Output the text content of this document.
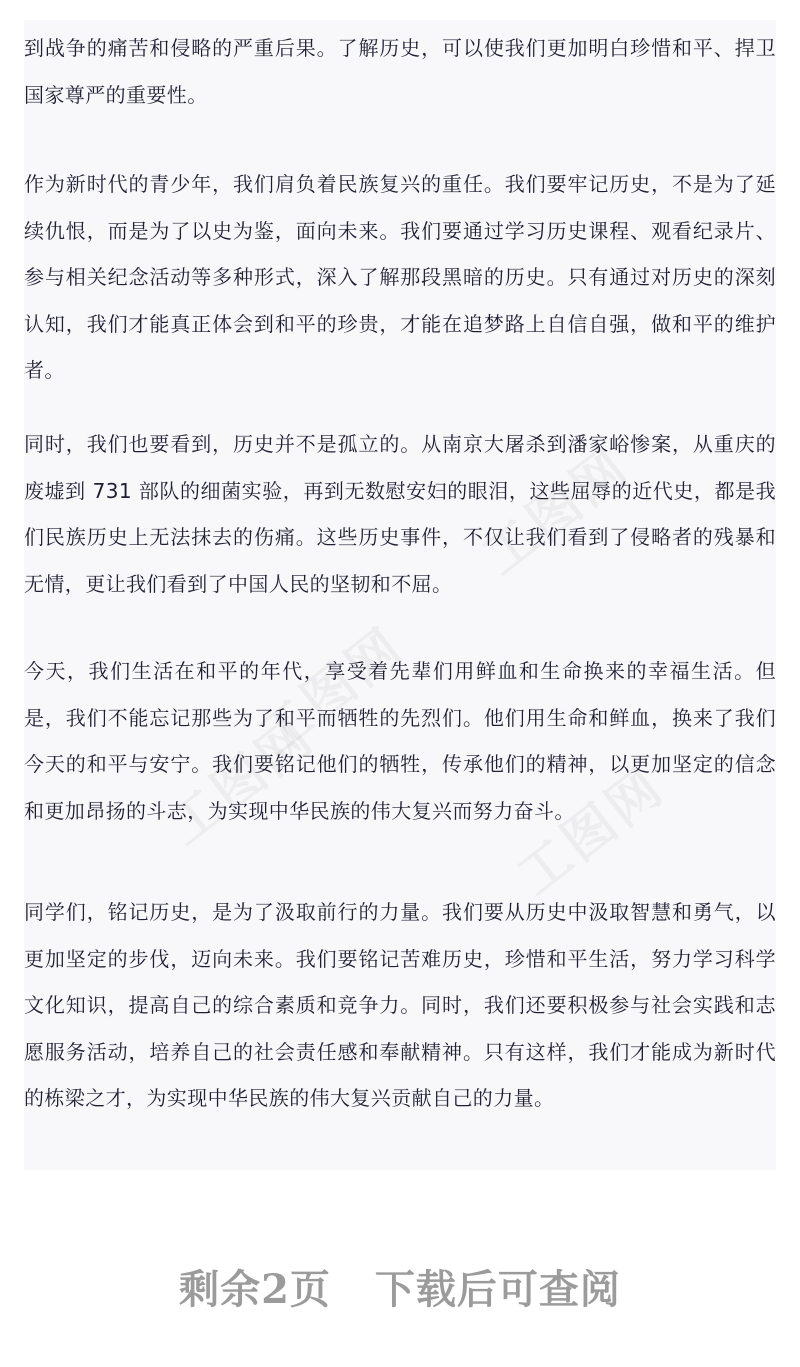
到战争的痛苦和侵略的严重后果。了解历史，可以使我们更加明白珍惜和平、捍卫国家尊严的重要性。

作为新时代的青少年，我们肩负着民族复兴的重任。我们要牢记历史，不是为了延续仇恨，而是为了以史为鉴，面向未来。我们要通过学习历史课程、观看纪录片、参与相关纪念活动等多种形式，深入了解那段黑暗的历史。只有通过对历史的深刻认知，我们才能真正体会到和平的珍贵，才能在追梦路上自信自强，做和平的维护者。

同时，我们也要看到，历史并不是孤立的。从南京大屠杀到潘家峪惨案，从重庆的废墟到 731 部队的细菌实验，再到无数慰安妇的眼泪，这些屈辱的近代史，都是我们民族历史上无法抹去的伤痛。这些历史事件，不仅让我们看到了侵略者的残暴和无情，更让我们看到了中国人民的坚韧和不屈。

今天，我们生活在和平的年代，享受着先辈们用鲜血和生命换来的幸福生活。但是，我们不能忘记那些为了和平而牺牲的先烈们。他们用生命和鲜血，换来了我们今天的和平与安宁。我们要铭记他们的牺牲，传承他们的精神，以更加坚定的信念和更加昂扬的斗志，为实现中华民族的伟大复兴而努力奋斗。

同学们，铭记历史，是为了汲取前行的力量。我们要从历史中汲取智慧和勇气，以更加坚定的步伐，迈向未来。我们要铭记苦难历史，珍惜和平生活，努力学习科学文化知识，提高自己的综合素质和竞争力。同时，我们还要积极参与社会实践和志愿服务活动，培养自己的社会责任感和奉献精神。只有这样，我们才能成为新时代的栋梁之才，为实现中华民族的伟大复兴贡献自己的力量。

剩余2页 下载后可查阅
